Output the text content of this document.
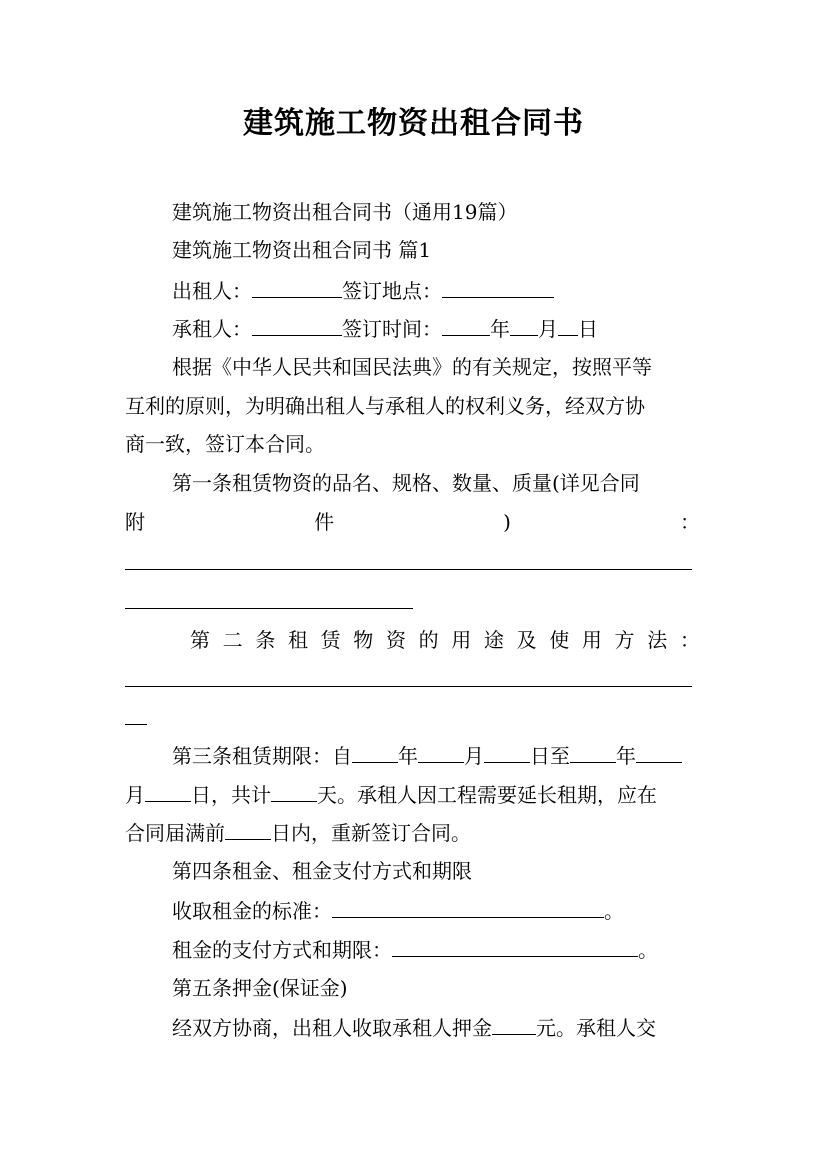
建筑施工物资出租合同书
建筑施工物资出租合同书（通用19篇）
建筑施工物资出租合同书 篇1
出租人：	签订地点：
承租人：	签订时间： 年 月 日
根据《中华人民共和国民法典》的有关规定，按照平等
互利的原则，为明确出租人与承租人的权利义务，经双方协
商一致，签订本合同。
第一条租赁物资的品名、规格、数量、质量(详见合同
附	件	)	：
第 二 条 租 赁 物 资 的 用 途 及 使 用 方 法 ：
第三条租赁期限：自 年 月 日至 年
月 日，共计 天。承租人因工程需要延长租期，应在
合同届满前 日内，重新签订合同。
第四条租金、租金支付方式和期限
收取租金的标准：	。
租金的支付方式和期限：	。
第五条押金(保证金)
经双方协商，出租人收取承租人押金 元。承租人交
